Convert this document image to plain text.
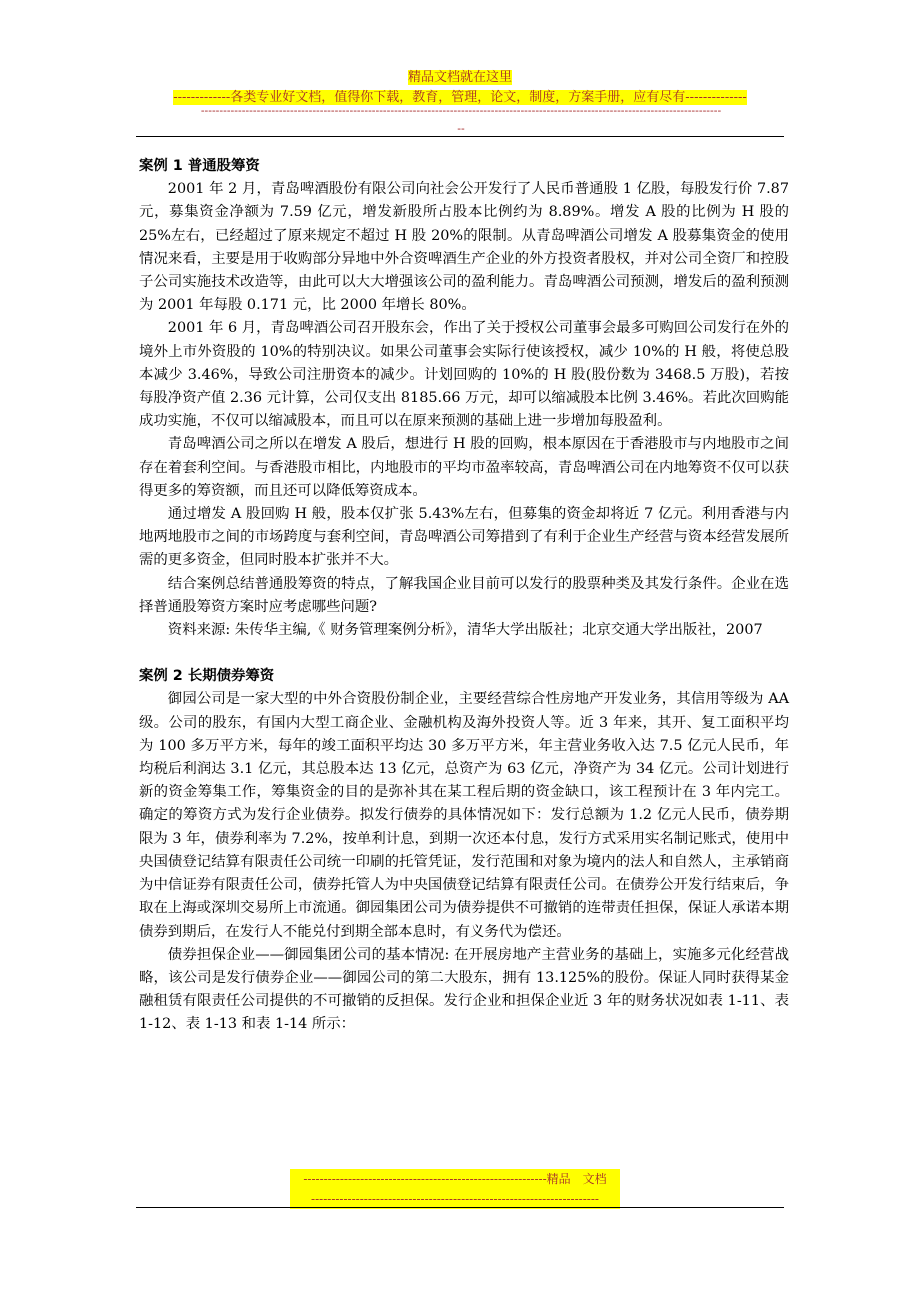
精品文档就在这里
-------------各类专业好文档，值得你下载，教育，管理，论文，制度，方案手册，应有尽有--------------
--------------------------------------------------------------------------------------------------------------------------------------------
--
案例 1 普通股筹资

2001 年 2 月，青岛啤酒股份有限公司向社会公开发行了人民币普通股 1 亿股，每股发行价 7.87 元，募集资金净额为 7.59 亿元，增发新股所占股本比例约为 8.89%。增发 A 股的比例为 H 股的 25%左右，已经超过了原来规定不超过 H 股 20%的限制。从青岛啤酒公司增发 A 股募集资金的使用情况来看，主要是用于收购部分异地中外合资啤酒生产企业的外方投资者股权，并对公司全资厂和控股子公司实施技术改造等，由此可以大大增强该公司的盈利能力。青岛啤酒公司预测，增发后的盈利预测为 2001 年每股 0.171 元，比 2000 年增长 80%。

2001 年 6 月，青岛啤酒公司召开股东会，作出了关于授权公司董事会最多可购回公司发行在外的境外上市外资股的 10%的特别决议。如果公司董事会实际行使该授权，减少 10%的 H 般，将使总股本减少 3.46%，导致公司注册资本的减少。计划回购的 10%的 H 股(股份数为 3468.5 万股)，若按每股净资产值 2.36 元计算，公司仅支出 8185.66 万元，却可以缩减股本比例 3.46%。若此次回购能成功实施，不仅可以缩减股本，而且可以在原来预测的基础上进一步增加每股盈利。

青岛啤酒公司之所以在增发 A 股后，想进行 H 股的回购，根本原因在于香港股市与内地股市之间存在着套利空间。与香港股市相比，内地股市的平均市盈率较高，青岛啤酒公司在内地筹资不仅可以获得更多的筹资额，而且还可以降低筹资成本。

通过增发 A 股回购 H 般，股本仅扩张 5.43%左右，但募集的资金却将近 7 亿元。利用香港与内地两地股市之间的市场跨度与套利空间，青岛啤酒公司筹措到了有利于企业生产经营与资本经营发展所需的更多资金，但同时股本扩张并不大。

结合案例总结普通股筹资的特点，了解我国企业目前可以发行的股票种类及其发行条件。企业在选择普通股筹资方案时应考虑哪些问题?

资料来源: 朱传华主编,《 财务管理案例分析》，清华大学出版社；北京交通大学出版社，2007

案例 2 长期债券筹资

御园公司是一家大型的中外合资股份制企业，主要经营综合性房地产开发业务，其信用等级为 AA 级。公司的股东，有国内大型工商企业、金融机构及海外投资人等。近 3 年来，其开、复工面积平均为 100 多万平方米，每年的竣工面积平均达 30 多万平方米，年主营业务收入达 7.5 亿元人民币，年均税后利润达 3.1 亿元，其总股本达 13 亿元，总资产为 63 亿元，净资产为 34 亿元。公司计划进行新的资金筹集工作，筹集资金的目的是弥补其在某工程后期的资金缺口，该工程预计在 3 年内完工。确定的筹资方式为发行企业债券。拟发行债券的具体情况如下：发行总额为 1.2 亿元人民币，债券期限为 3 年，债券利率为 7.2%，按单利计息，到期一次还本付息，发行方式采用实名制记账式，使用中央国债登记结算有限责任公司统一印刷的托管凭证，发行范围和对象为境内的法人和自然人，主承销商为中信证券有限责任公司，债券托管人为中央国债登记结算有限责任公司。在债券公开发行结束后，争取在上海或深圳交易所上市流通。御园集团公司为债券提供不可撤销的连带责任担保，保证人承诺本期债券到期后，在发行人不能兑付到期全部本息时，有义务代为偿还。

债券担保企业——御园集团公司的基本情况: 在开展房地产主营业务的基础上，实施多元化经营战略，该公司是发行债券企业——御园公司的第二大股东，拥有 13.125%的股份。保证人同时获得某金融租赁有限责任公司提供的不可撤销的反担保。发行企业和担保企业近 3 年的财务状况如表 1-11、表 1-12、表 1-13 和表 1-14 所示：

------------------------------------------------------------精品　文档
-----------------------------------------------------------------------
